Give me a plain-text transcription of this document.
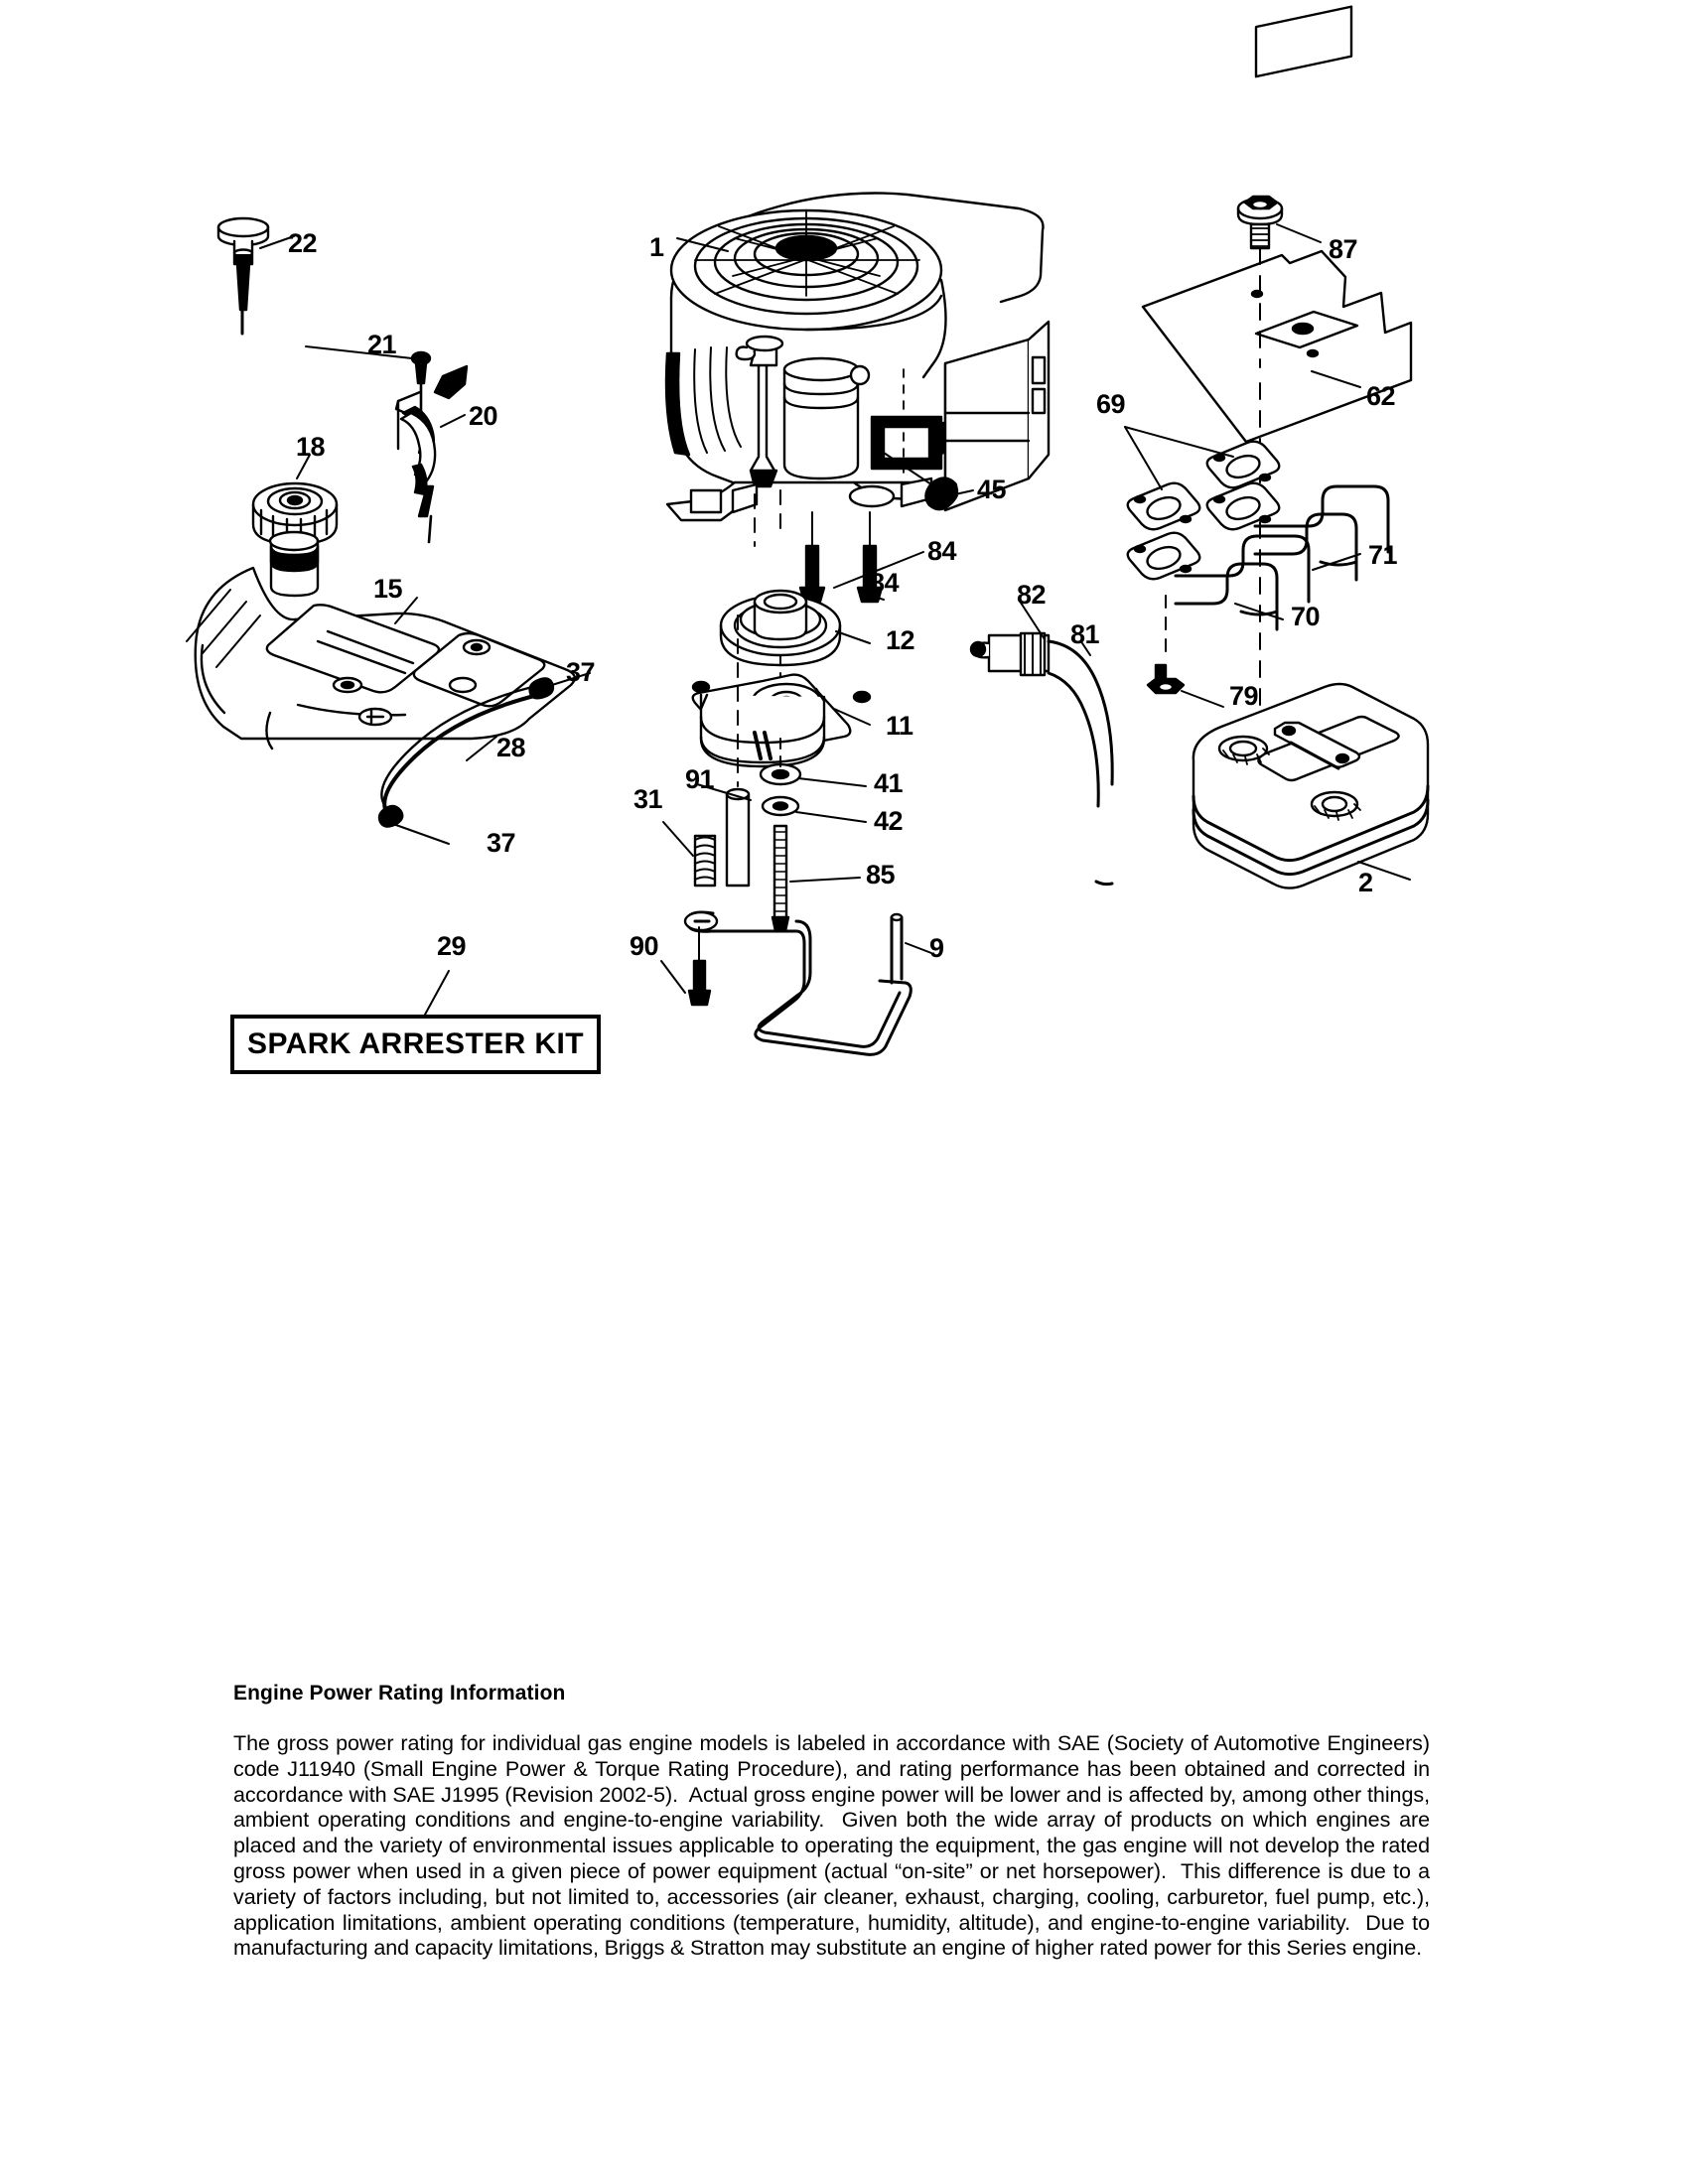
22
21
20
18
15
37
28
37
1
45
84
84
12
11
91
31
41
42
85
90	9
82
81
87
62
69
71
70
79
2
29
SPARK ARRESTER KIT
Engine Power Rating Information

The gross power rating for individual gas engine models is labeled in accordance with SAE (Society of Automotive Engineers) code J11940 (Small Engine Power & Torque Rating Procedure), and rating performance has been obtained and corrected in accordance with SAE J1995 (Revision 2002-5).  Actual gross engine power will be lower and is affected by, among other things, ambient operating conditions and engine-to-engine variability.  Given both the wide array of products on which engines are placed and the variety of environmental issues applicable to operating the equipment, the gas engine will not develop the rated gross power when used in a given piece of power equipment (actual “on-site” or net horsepower).  This difference is due to a variety of factors including, but not limited to, accessories (air cleaner, exhaust, charging, cooling, carburetor, fuel pump, etc.), application limitations, ambient operating conditions (temperature, humidity, altitude), and engine-to-engine variability.  Due to manufacturing and capacity limitations, Briggs & Stratton may substitute an engine of higher rated power for this Series engine.
